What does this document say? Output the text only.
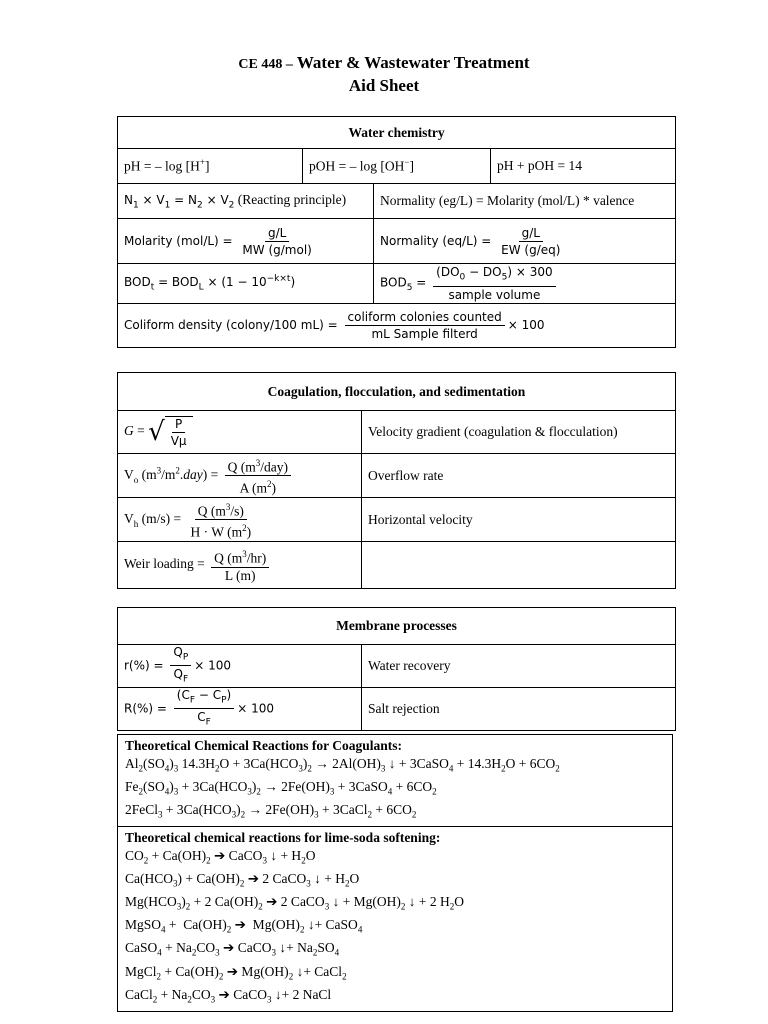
CE 448 – Water & Wastewater Treatment
Aid Sheet
Water chemistry			
pH = – log [H+]	pOH = – log [OH−]		pH + pOH = 14
$N_1 \times V_1 = N_2 \times V_2$ (Reacting principle)		Normality (eg/L) = Molarity (mol/L) * valence	
Molarity $(mol/L) = \frac{g/L}{\text{MW (g/mol)}}$		Normality $(eq/L) = \frac{g/L}{EW (g/eq)}$

$BOD_t = BOD_L \times (1 - 10^{-k\times t})$		$BOD_5 = \frac{(DO_0 - DO_5) \times 300}{\text{sample volume}}$

Coliform density (colony/100 $mL) = \frac{\text{coliform colonies counted}}{\text{mL Sample filterd}} \times 100$			
Coagulation, flocculation, and sedimentation	
G = √ $\frac{P}{V\mu}$	Velocity gradient (coagulation & flocculation)
$V_o$ $(m^3/m^2.day) = \frac{Q (m^3/day)}{A (m^2)}$	Overflow rate
$V_h$ $(m/s) = \frac{Q (m^3/s)}{H \cdot W (m^2)}$	Horizontal velocity
Weir loading = $\frac{Q (m^3/hr)}{L (m)}$

Membrane processes	
$r(\%) = \frac{Q_P}{Q_F} \times 100$	Water recovery
$R(\%) = \frac{(C_F - C_P)}{C_F} \times 100$	Salt rejection
Theoretical Chemical Reactions for Coagulants:
$Al_2(SO_4)_3$ $14.3H_2O + 3Ca(HCO_3)_2 \to 2Al(OH)_3$ ↓ + 3CaSO$_4$ + $14.3H_2O + 6CO_2$
$Fe_2(SO_4)_3 + 3Ca(HCO_3)_2 \to 2Fe(OH)_3$ + 3CaSO$_4$ + $6CO_2$
2FeCl$_3$ + $3Ca(HCO_3)_2 \to 2Fe(OH)_3$ + 3CaCl$_2$ + $6CO_2$
Theoretical chemical reactions for lime-soda softening:
$CO_2 + Ca(OH)_2$ ➔ CaCO$_3$ ↓ + $H_2O$
$Ca(HCO_3) + Ca(OH)_2$ ➔ 2 CaCO$_3$ ↓ + $H_2O$
$Mg(HCO_3)_2 + 2$ $Ca(OH)_2$ ➔ 2 CaCO$_3$ ↓ + $Mg(OH)_2$ ↓ + 2 $H_2O$
MgSO$_4$ +  $Ca(OH)_2$ ➔  $Mg(OH)_2$ ↓+ CaSO$_4$
CaSO$_4$ + $Na_2CO_3$ ➔ CaCO$_3$ ↓+ $Na_2SO_4$
MgCl$_2$ + $Ca(OH)_2$ ➔ $Mg(OH)_2$ ↓+ CaCl$_2$
CaCl$_2$ + $Na_2CO_3$ ➔ CaCO$_3$ ↓+ 2 NaCl
